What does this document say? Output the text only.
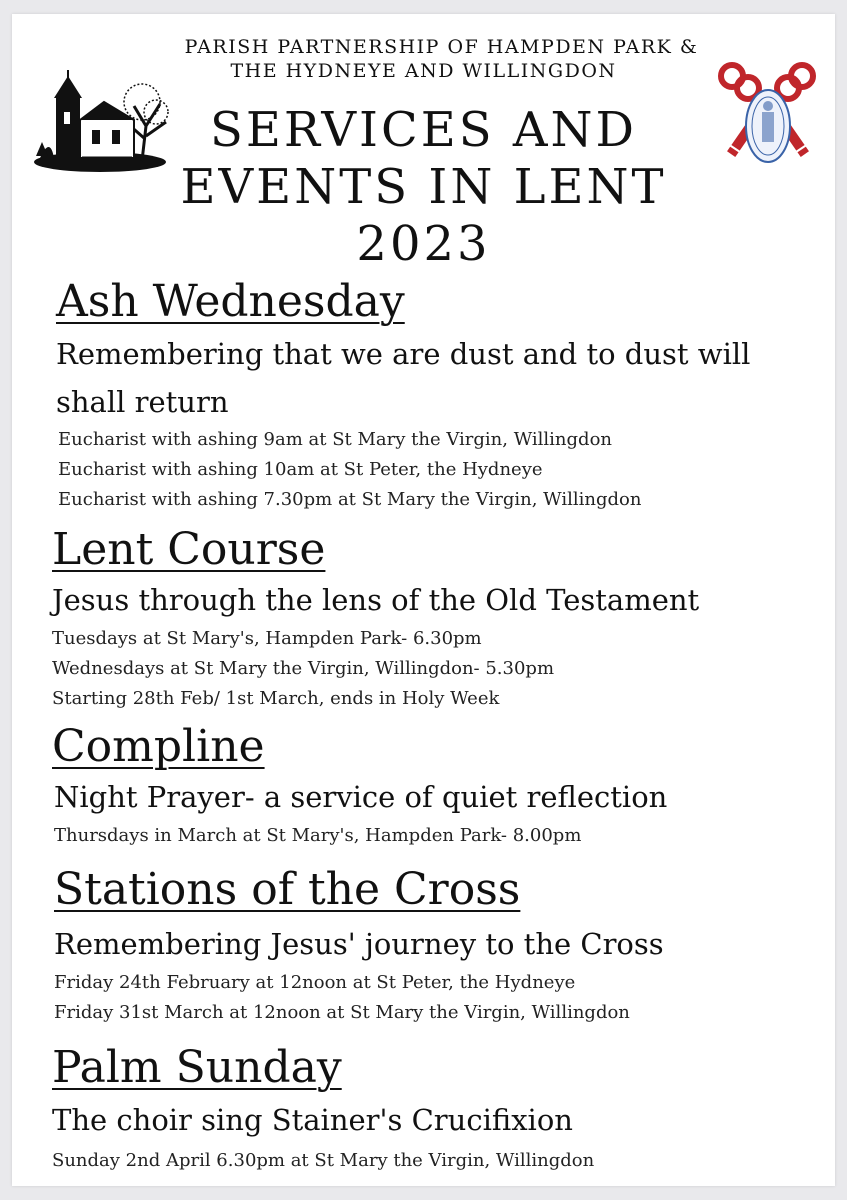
PARISH PARTNERSHIP OF HAMPDEN PARK &
THE HYDNEYE AND WILLINGDON
SERVICES AND
EVENTS IN LENT
2023
Ash Wednesday
Remembering that we are dust and to dust will
shall return
Eucharist with ashing 9am at St Mary the Virgin, Willingdon
Eucharist with ashing 10am at St Peter, the Hydneye
Eucharist with ashing 7.30pm at St Mary the Virgin, Willingdon
Lent Course
Jesus through the lens of the Old Testament
Tuesdays at St Mary's, Hampden Park- 6.30pm
Wednesdays at St Mary the Virgin, Willingdon- 5.30pm
Starting 28th Feb/ 1st March, ends in Holy Week
Compline
Night Prayer- a service of quiet reflection
Thursdays in March at St Mary's, Hampden Park- 8.00pm
Stations of the Cross
Remembering Jesus' journey to the Cross
Friday 24th February at 12noon at St Peter, the Hydneye
Friday 31st March at 12noon at St Mary the Virgin, Willingdon
Palm Sunday
The choir sing Stainer's Crucifixion
Sunday 2nd April 6.30pm at St Mary the Virgin, Willingdon
